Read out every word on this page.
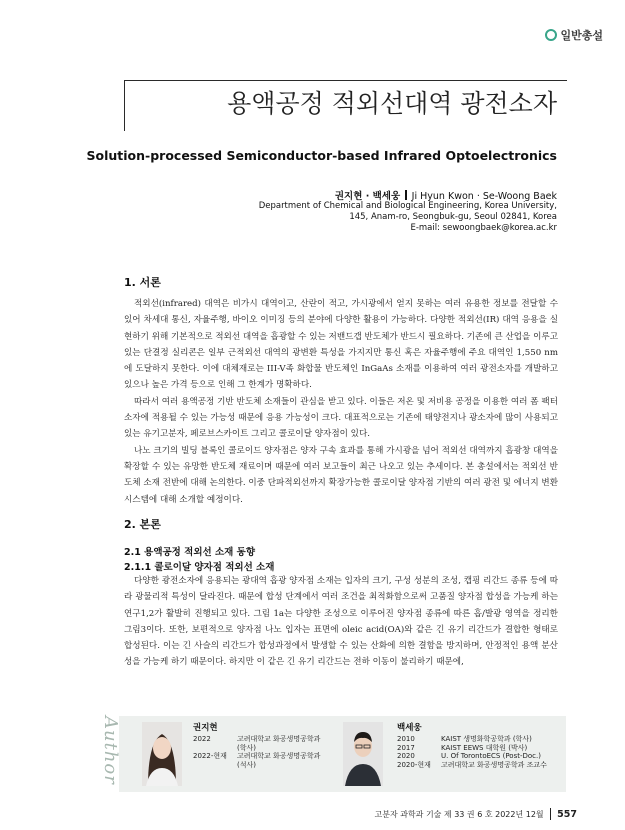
일반총설
용액공정 적외선대역 광전소자
Solution-processed Semiconductor-based Infrared Optoelectronics
권지현 · 백세웅 Ji Hyun Kwon · Se-Woong Baek
Department of Chemical and Biological Engineering, Korea University,
145, Anam-ro, Seongbuk-gu, Seoul 02841, Korea
E-mail: sewoongbaek@korea.ac.kr
1. 서론

적외선(infrared) 대역은 비가시 대역이고, 산란이 적고, 가시광에서 얻지 못하는 여러 유용한 정보를 전달할 수 있어 차세대 통신, 자율주행, 바이오 이미징 등의 분야에 다양한 활용이 가능하다. 다양한 적외선(IR) 대역 응용을 실현하기 위해 기본적으로 적외선 대역을 흡광할 수 있는 저밴드갭 반도체가 반드시 필요하다. 기존에 큰 산업을 이루고 있는 단결정 실리콘은 일부 근적외선 대역의 광변환 특성을 가지지만 통신 혹은 자율주행에 주요 대역인 1,550 nm에 도달하지 못한다. 이에 대체재로는 III-V족 화합물 반도체인 InGaAs 소재를 이용하여 여러 광전소자를 개발하고 있으나 높은 가격 등으로 인해 그 한계가 명확하다.

따라서 여러 용액공정 기반 반도체 소재들이 관심을 받고 있다. 이들은 저온 및 저비용 공정을 이용한 여러 폼 팩터 소자에 적용될 수 있는 가능성 때문에 응용 가능성이 크다. 대표적으로는 기존에 태양전지나 광소자에 많이 사용되고 있는 유기고분자, 페로브스카이트 그리고 콜로이달 양자점이 있다.

나노 크기의 빌딩 블록인 콜로이드 양자점은 양자 구속 효과를 통해 가시광을 넘어 적외선 대역까지 흡광창 대역을 확장할 수 있는 유망한 반도체 재료이며 때문에 여러 보고들이 최근 나오고 있는 추세이다. 본 총설에서는 적외선 반도체 소재 전반에 대해 논의한다. 이중 단파적외선까지 확장가능한 콜로이달 양자점 기반의 여러 광전 및 에너지 변환 시스템에 대해 소개할 예정이다.

2. 본론
2.1 용액공정 적외선 소재 동향
2.1.1 콜로이달 양자점 적외선 소재

다양한 광전소자에 응용되는 광대역 흡광 양자점 소재는 입자의 크기, 구성 성분의 조성, 캡핑 리간드 종류 등에 따라 광물리적 특성이 달라진다. 때문에 합성 단계에서 여러 조건을 최적화함으로써 고품질 양자점 합성을 가능케 하는 연구1,2가 활발히 진행되고 있다. 그림 1a는 다양한 조성으로 이루어진 양자점 종류에 따른 흡/발광 영역을 정리한 그림3이다. 또한, 보편적으로 양자점 나노 입자는 표면에 oleic acid(OA)와 같은 긴 유기 리간드가 결합한 형태로 합성된다. 이는 긴 사슬의 리간드가 합성과정에서 발생할 수 있는 산화에 의한 결함을 방지하며, 안정적인 용액 분산성을 가능케 하기 때문이다. 하지만 이 같은 긴 유기 리간드는 전하 이동이 불리하기 때문에,

Author	권지현
2022	고려대학교 화공생명공학과
(학사)
2022-현재	고려대학교 화공생명공학과
(석사)
백세웅
2010	KAIST 생명화학공학과 (학사)
2017	KAIST EEWS 대학원 (박사)
2020	U. Of TorontoECS (Post-Doc.)
2020-현재	고려대학교 화공생명공학과 조교수
고분자 과학과 기술 제 33 권 6 호 2022년 12월 557
